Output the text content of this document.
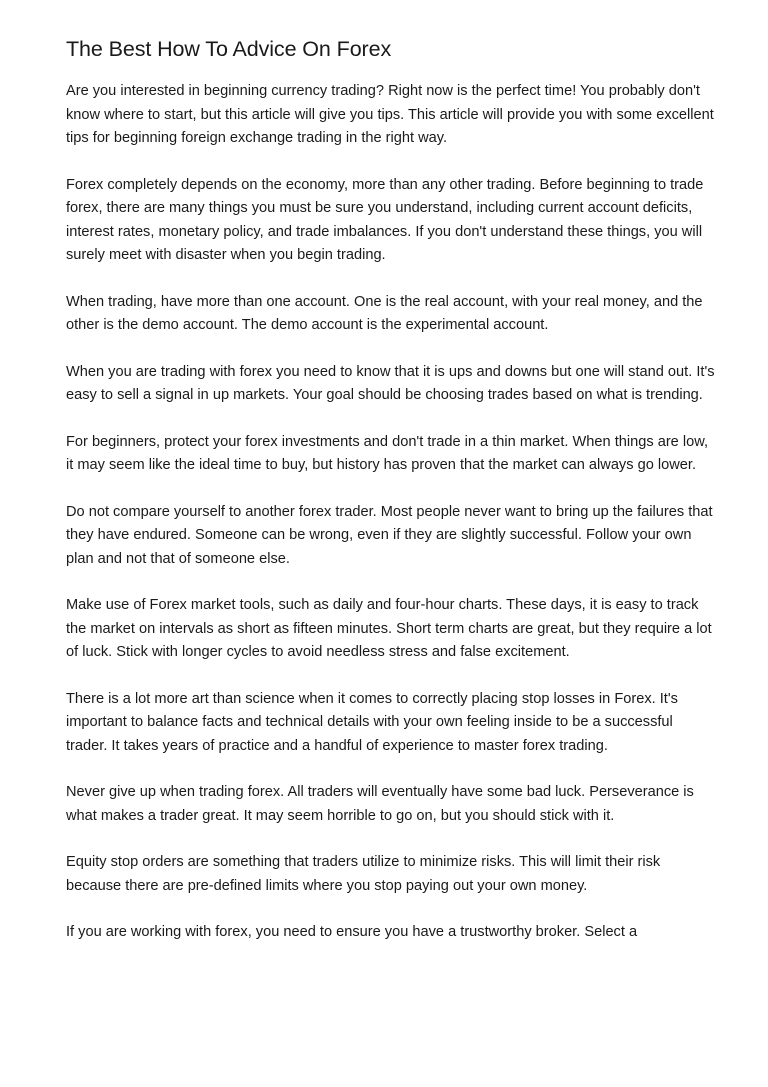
The Best How To Advice On Forex

Are you interested in beginning currency trading? Right now is the perfect time! You probably don't know where to start, but this article will give you tips. This article will provide you with some excellent tips for beginning foreign exchange trading in the right way.

Forex completely depends on the economy, more than any other trading. Before beginning to trade forex, there are many things you must be sure you understand, including current account deficits, interest rates, monetary policy, and trade imbalances. If you don't understand these things, you will surely meet with disaster when you begin trading.

When trading, have more than one account. One is the real account, with your real money, and the other is the demo account. The demo account is the experimental account.

When you are trading with forex you need to know that it is ups and downs but one will stand out. It's easy to sell a signal in up markets. Your goal should be choosing trades based on what is trending.

For beginners, protect your forex investments and don't trade in a thin market. When things are low, it may seem like the ideal time to buy, but history has proven that the market can always go lower.

Do not compare yourself to another forex trader. Most people never want to bring up the failures that they have endured. Someone can be wrong, even if they are slightly successful. Follow your own plan and not that of someone else.

Make use of Forex market tools, such as daily and four-hour charts. These days, it is easy to track the market on intervals as short as fifteen minutes. Short term charts are great, but they require a lot of luck. Stick with longer cycles to avoid needless stress and false excitement.

There is a lot more art than science when it comes to correctly placing stop losses in Forex. It's important to balance facts and technical details with your own feeling inside to be a successful trader. It takes years of practice and a handful of experience to master forex trading.

Never give up when trading forex. All traders will eventually have some bad luck. Perseverance is what makes a trader great. It may seem horrible to go on, but you should stick with it.

Equity stop orders are something that traders utilize to minimize risks. This will limit their risk because there are pre-defined limits where you stop paying out your own money.

If you are working with forex, you need to ensure you have a trustworthy broker. Select a
